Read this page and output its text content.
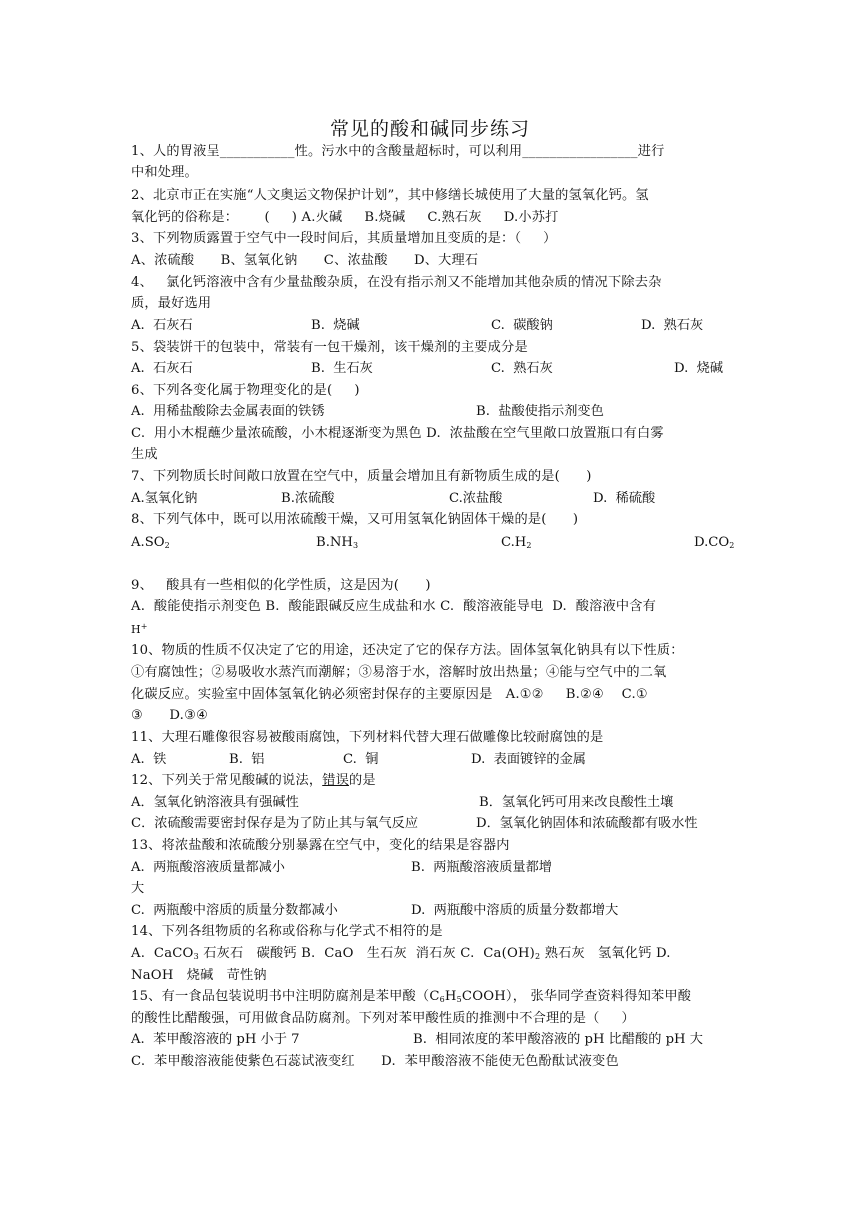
常见的酸和碱同步练习
1、人的胃液呈___________性。污水中的含酸量超标时，可以利用_________________进行
中和处理。
2、北京市正在实施“人文奥运文物保护计划”，其中修缮长城使用了大量的氢氧化钙。氢
氧化钙的俗称是：      (     ) A.火碱     B.烧碱     C.熟石灰     D.小苏打
3、下列物质露置于空气中一段时间后，其质量增加且变质的是：（     ）
A、浓硫酸      B、氢氧化钠      C、浓盐酸      D、大理石
4、   氯化钙溶液中含有少量盐酸杂质，在没有指示剂又不能增加其他杂质的情况下除去杂
质，最好选用

A.  石灰石

	B.  烧碱

	C.  碳酸钠

	D.  熟石灰

5、袋装饼干的包装中，常装有一包干燥剂，该干燥剂的主要成分是

A.  石灰石

	B.  生石灰

	C.  熟石灰

	D.  烧碱

6、下列各变化属于物理变化的是(     )

A.  用稀盐酸除去金属表面的铁锈

	B.  盐酸使指示剂变色

C.  用小木棍蘸少量浓硫酸，小木棍逐渐变为黑色 D.  浓盐酸在空气里敞口放置瓶口有白雾
生成
7、下列物质长时间敞口放置在空气中，质量会增加且有新物质生成的是(      )

A.氢氧化钠

	B.浓硫酸

	C.浓盐酸

	D.  稀硫酸

8、下列气体中，既可以用浓硫酸干燥，又可用氢氧化钠固体干燥的是(      )

$A.SO_2$

	$B.NH_3$

	$C.H_2$

	$D.CO_2$

9、   酸具有一些相似的化学性质，这是因为(      )
A.  酸能使指示剂变色 B.  酸能跟碱反应生成盐和水 C.  酸溶液能导电  D.  酸溶液中含有
H+
10、物质的性质不仅决定了它的用途，还决定了它的保存方法。固体氢氧化钠具有以下性质：
①有腐蚀性；②易吸收水蒸汽而潮解；③易溶于水，溶解时放出热量；④能与空气中的二氧
化碳反应。实验室中固体氢氧化钠必须密封保存的主要原因是   A.①②     B.②④    C.①
③      D.③④
11、大理石雕像很容易被酸雨腐蚀，下列材料代替大理石做雕像比较耐腐蚀的是

A.  铁

	B.  铝

	C.  铜

	D.  表面镀锌的金属

12、下列关于常见酸碱的说法，错误的是

A．氢氧化钠溶液具有强碱性

	B．氢氧化钙可用来改良酸性土壤

C．浓硫酸需要密封保存是为了防止其与氧气反应

	D．氢氧化钠固体和浓硫酸都有吸水性

13、将浓盐酸和浓硫酸分别暴露在空气中，变化的结果是容器内

A.  两瓶酸溶液质量都减小

	B.  两瓶酸溶液质量都增

大

C.  两瓶酸中溶质的质量分数都减小

	D.  两瓶酸中溶质的质量分数都增大

14、下列各组物质的名称或俗称与化学式不相符的是
A.  CaCO$_3$ 石灰石   碳酸钙 B.  CaO   生石灰  消石灰 C.  $Ca(OH)_2$ 熟石灰   氢氧化钙 D.
NaOH   烧碱   苛性钠
15、有一食品包装说明书中注明防腐剂是苯甲酸$(C_6H_5COOH)$， 张华同学查资料得知苯甲酸
的酸性比醋酸强，可用做食品防腐剂。下列对苯甲酸性质的推测中不合理的是（     ）

A.  苯甲酸溶液的 pH 小于 7

	B.  相同浓度的苯甲酸溶液的 pH 比醋酸的 pH 大

C.  苯甲酸溶液能使紫色石蕊试液变红      D.  苯甲酸溶液不能使无色酚酞试液变色
